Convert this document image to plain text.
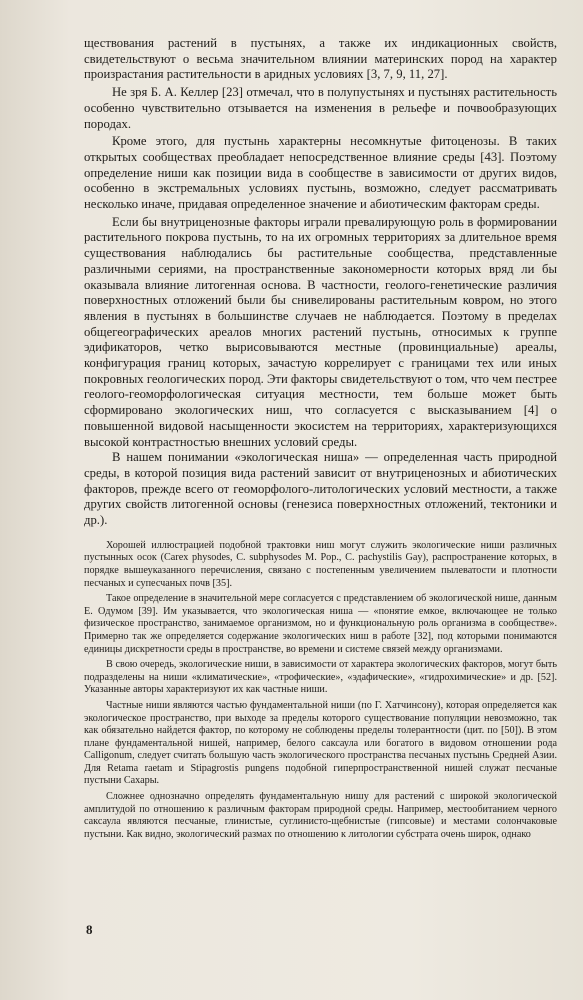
ществования растений в пустынях, а также их индикационных свойств, свидетельствуют о весьма значительном влиянии материнских пород на характер произрастания растительности в аридных условиях [3, 7, 9, 11, 27].

Не зря Б. А. Келлер [23] отмечал, что в полупустынях и пустынях растительность особенно чувствительно отзывается на изменения в рельефе и почвообразующих породах.

Кроме этого, для пустынь характерны несомкнутые фитоценозы. В таких открытых сообществах преобладает непосредственное влияние среды [43]. Поэтому определение ниши как позиции вида в сообществе в зависимости от других видов, особенно в экстремальных условиях пустынь, возможно, следует рассматривать несколько иначе, придавая определенное значение и абиотическим факторам среды.

Если бы внутриценозные факторы играли превалирующую роль в формировании растительного покрова пустынь, то на их огромных территориях за длительное время существования наблюдались бы растительные сообщества, представленные различными сериями, на пространственные закономерности которых вряд ли бы оказывала влияние литогенная основа. В частности, геолого-генетические различия поверхностных отложений были бы снивелированы растительным ковром, но этого явления в пустынях в большинстве случаев не наблюдается. Поэтому в пределах общегеографических ареалов многих растений пустынь, относимых к группе эдификаторов, четко вырисовываются местные (провинциальные) ареалы, конфигурация границ которых, зачастую коррелирует с границами тех или иных покровных геологических пород. Эти факторы свидетельствуют о том, что чем пестрее геолого-геоморфологическая ситуация местности, тем больше может быть сформировано экологических ниш, что согласуется с высказыванием [4] о повышенной видовой насыщенности экосистем на территориях, характеризующихся высокой контрастностью внешних условий среды.

В нашем понимании «экологическая ниша» — определенная часть природной среды, в которой позиция вида растений зависит от внутриценозных и абиотических факторов, прежде всего от геоморфолого-литологических условий местности, а также других свойств литогенной основы (генезиса поверхностных отложений, тектоники и др.).

Хорошей иллюстрацией подобной трактовки ниш могут служить экологические ниши различных пустынных осок (Carex physodes, C. subphysodes M. Pop., C. pachystilis Gay), распространение которых, в порядке вышеуказанного перечисления, связано с постепенным увеличением пылеватости и плотности песчаных и супесчаных почв [35].

Такое определение в значительной мере согласуется с представлением об экологической нише, данным Е. Одумом [39]. Им указывается, что экологическая ниша — «понятие емкое, включающее не только физическое пространство, занимаемое организмом, но и функциональную роль организма в сообществе». Примерно так же определяется содержание экологических ниш в работе [32], под которыми понимаются единицы дискретности среды в пространстве, во времени и системе связей между организмами.

В свою очередь, экологические ниши, в зависимости от характера экологических факторов, могут быть подразделены на ниши «климатические», «трофические», «эдафические», «гидрохимические» и др. [52]. Указанные авторы характеризуют их как частные ниши.

Частные ниши являются частью фундаментальной ниши (по Г. Хатчинсону), которая определяется как экологическое пространство, при выходе за пределы которого существование популяции невозможно, так как обязательно найдется фактор, по которому не соблюдены пределы толерантности (цит. по [50]). В этом плане фундаментальной нишей, например, белого саксаула или богатого в видовом отношении рода Calligonum, следует считать большую часть экологического пространства песчаных пустынь Средней Азии. Для Retama raetam и Stipagrostis pungens подобной гиперпространственной нишей служат песчаные пустыни Сахары.

Сложнее однозначно определять фундаментальную нишу для растений с широкой экологической амплитудой по отношению к различным факторам природной среды. Например, местообитанием черного саксаула являются песчаные, глинистые, суглинисто-щебнистые (гипсовые) и местами солончаковые пустыни. Как видно, экологический размах по отношению к литологии субстрата очень широк, однако

8
